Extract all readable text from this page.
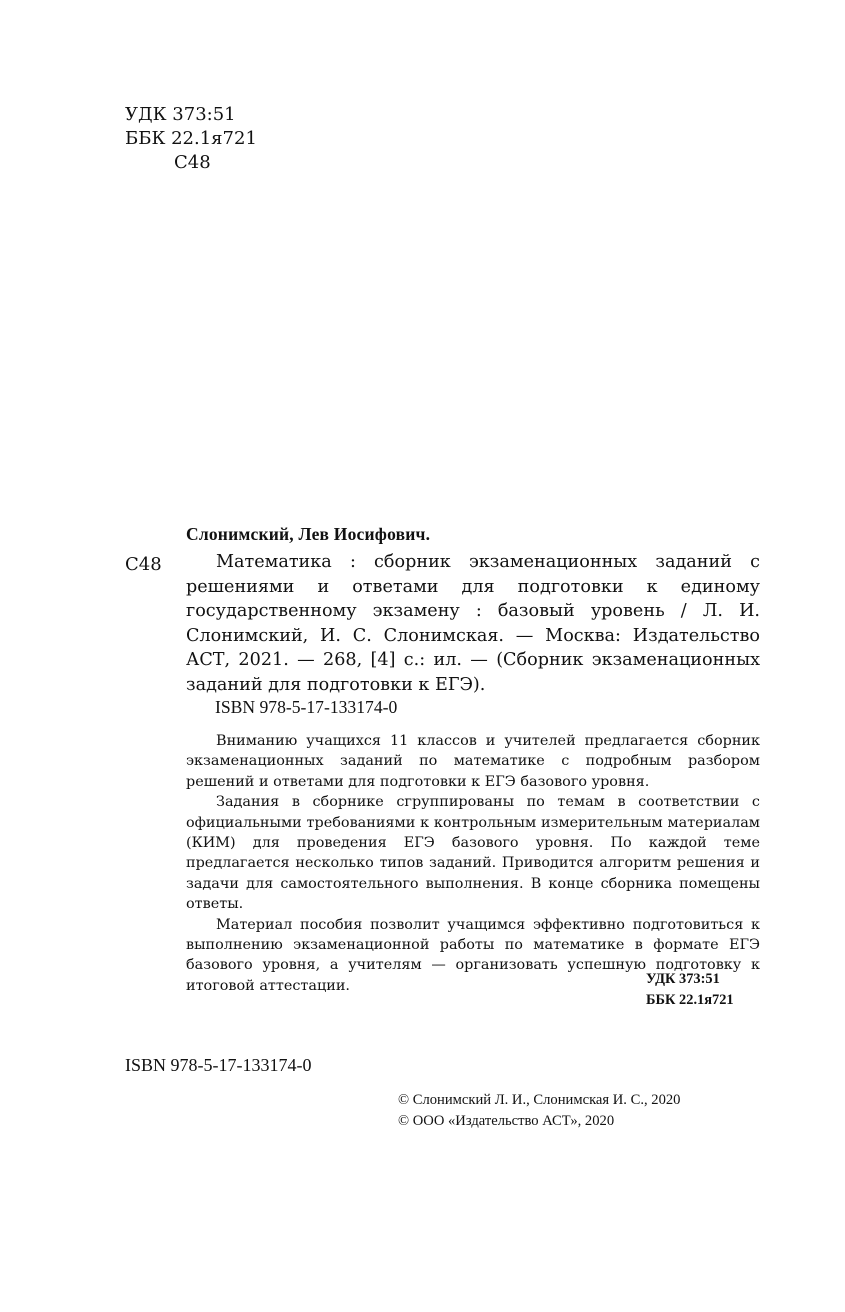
УДК 373:51
ББК 22.1я721
С48
Слонимский, Лев Иосифович.
С48	Математика : сборник экзаменационных заданий с решениями и ответами для подготовки к единому государственному экзамену : базовый уровень / Л. И. Слонимский, И. С. Слонимская. — Москва: Издательство АСТ, 2021. — 268, [4] с.: ил. — (Сборник экзаменационных заданий для подготовки к ЕГЭ).

ISBN 978-5-17-133174-0

Вниманию учащихся 11 классов и учителей предлагается сборник экзаменационных заданий по математике с подробным разбором решений и ответами для подготовки к ЕГЭ базового уровня.

Задания в сборнике сгруппированы по темам в соответствии с официальными требованиями к контрольным измерительным материалам (КИМ) для проведения ЕГЭ базового уровня. По каждой теме предлагается несколько типов заданий. Приводится алгоритм решения и задачи для самостоятельного выполнения. В конце сборника помещены ответы.

Материал пособия позволит учащимся эффективно подготовиться к выполнению экзаменационной работы по математике в формате ЕГЭ базового уровня, а учителям — организовать успешную подготовку к итоговой аттестации.	УДК 373:51
ББК 22.1я721
ISBN 978-5-17-133174-0
© Слонимский Л. И., Слонимская И. С., 2020
© ООО «Издательство АСТ», 2020
